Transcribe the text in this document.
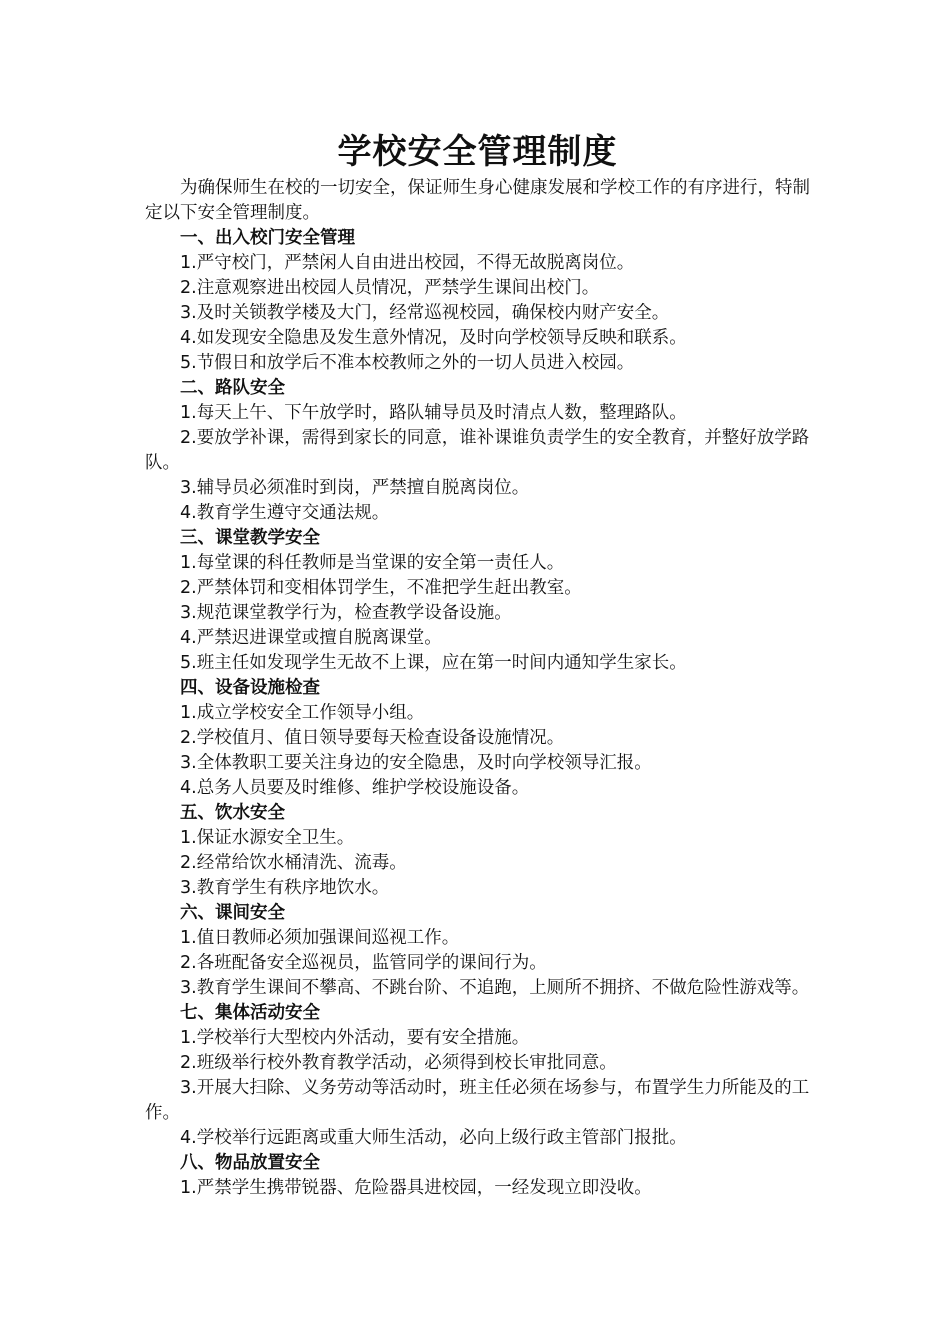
学校安全管理制度

为确保师生在校的一切安全，保证师生身心健康发展和学校工作的有序进行，特制定以下安全管理制度。

一、出入校门安全管理

1.严守校门，严禁闲人自由进出校园，不得无故脱离岗位。

2.注意观察进出校园人员情况，严禁学生课间出校门。

3.及时关锁教学楼及大门，经常巡视校园，确保校内财产安全。

4.如发现安全隐患及发生意外情况，及时向学校领导反映和联系。

5.节假日和放学后不准本校教师之外的一切人员进入校园。

二、路队安全

1.每天上午、下午放学时，路队辅导员及时清点人数，整理路队。

2.要放学补课，需得到家长的同意，谁补课谁负责学生的安全教育，并整好放学路队。

3.辅导员必须准时到岗，严禁擅自脱离岗位。

4.教育学生遵守交通法规。

三、课堂教学安全

1.每堂课的科任教师是当堂课的安全第一责任人。

2.严禁体罚和变相体罚学生，不准把学生赶出教室。

3.规范课堂教学行为，检查教学设备设施。

4.严禁迟进课堂或擅自脱离课堂。

5.班主任如发现学生无故不上课，应在第一时间内通知学生家长。

四、设备设施检查

1.成立学校安全工作领导小组。

2.学校值月、值日领导要每天检查设备设施情况。

3.全体教职工要关注身边的安全隐患，及时向学校领导汇报。

4.总务人员要及时维修、维护学校设施设备。

五、饮水安全

1.保证水源安全卫生。

2.经常给饮水桶清洗、流毒。

3.教育学生有秩序地饮水。

六、课间安全

1.值日教师必须加强课间巡视工作。

2.各班配备安全巡视员，监管同学的课间行为。

3.教育学生课间不攀高、不跳台阶、不追跑，上厕所不拥挤、不做危险性游戏等。

七、集体活动安全

1.学校举行大型校内外活动，要有安全措施。

2.班级举行校外教育教学活动，必须得到校长审批同意。

3.开展大扫除、义务劳动等活动时，班主任必须在场参与，布置学生力所能及的工作。

4.学校举行远距离或重大师生活动，必向上级行政主管部门报批。

八、物品放置安全

1.严禁学生携带锐器、危险器具进校园，一经发现立即没收。
